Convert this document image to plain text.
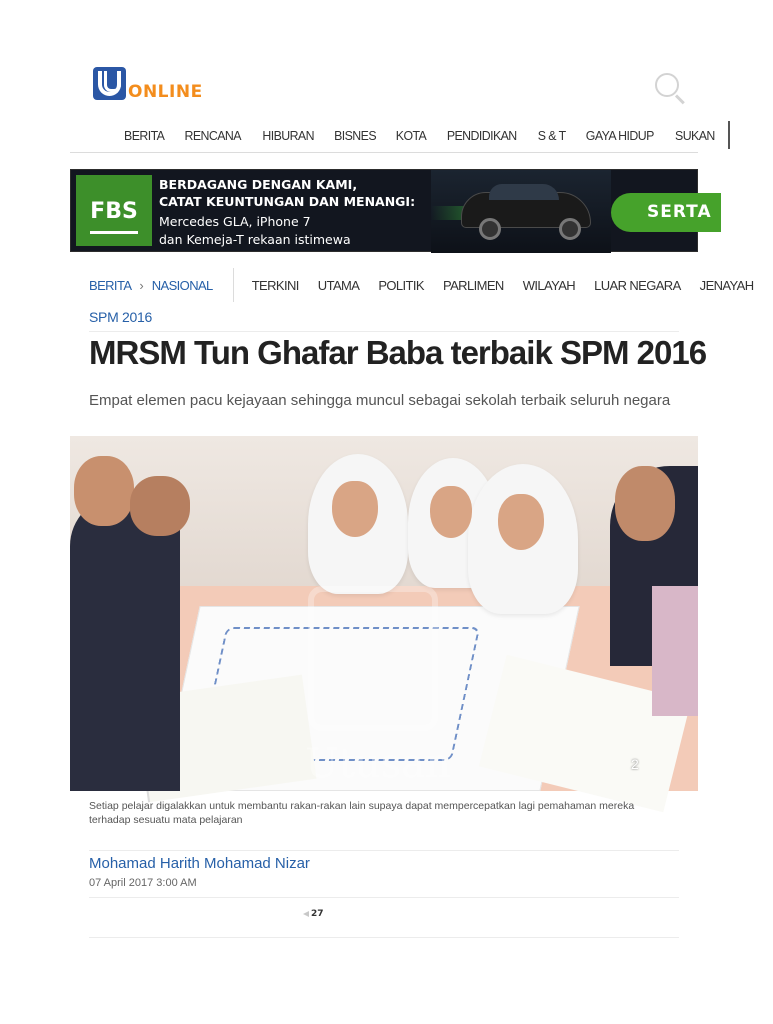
ONLINE
BERITA RENCANA HIBURAN BISNES KOTA PENDIDIKAN S & T GAYA HIDUP SUKAN
FBS
BERDAGANG DENGAN KAMI,
CATAT KEUNTUNGAN DAN MENANGI:
Mercedes GLA, iPhone 7
dan Kemeja-T rekaan istimewa
SERTA
BERITA › NASIONAL	TERKINI UTAMA POLITIK PARLIMEN WILAYAH LUAR NEGARA JENAYAH
SPM 2016
MRSM Tun Ghafar Baba terbaik SPM 2016

Empat elemen pacu kejayaan sehingga muncul sebagai sekolah terbaik seluruh negara

Utusan	2

Setiap pelajar digalakkan untuk membantu rakan-rakan lain supaya dapat mempercepatkan lagi pemahaman mereka terhadap sesuatu mata pelajaran

Mohamad Harith Mohamad Nizar
07 April 2017 3:00 AM
27
